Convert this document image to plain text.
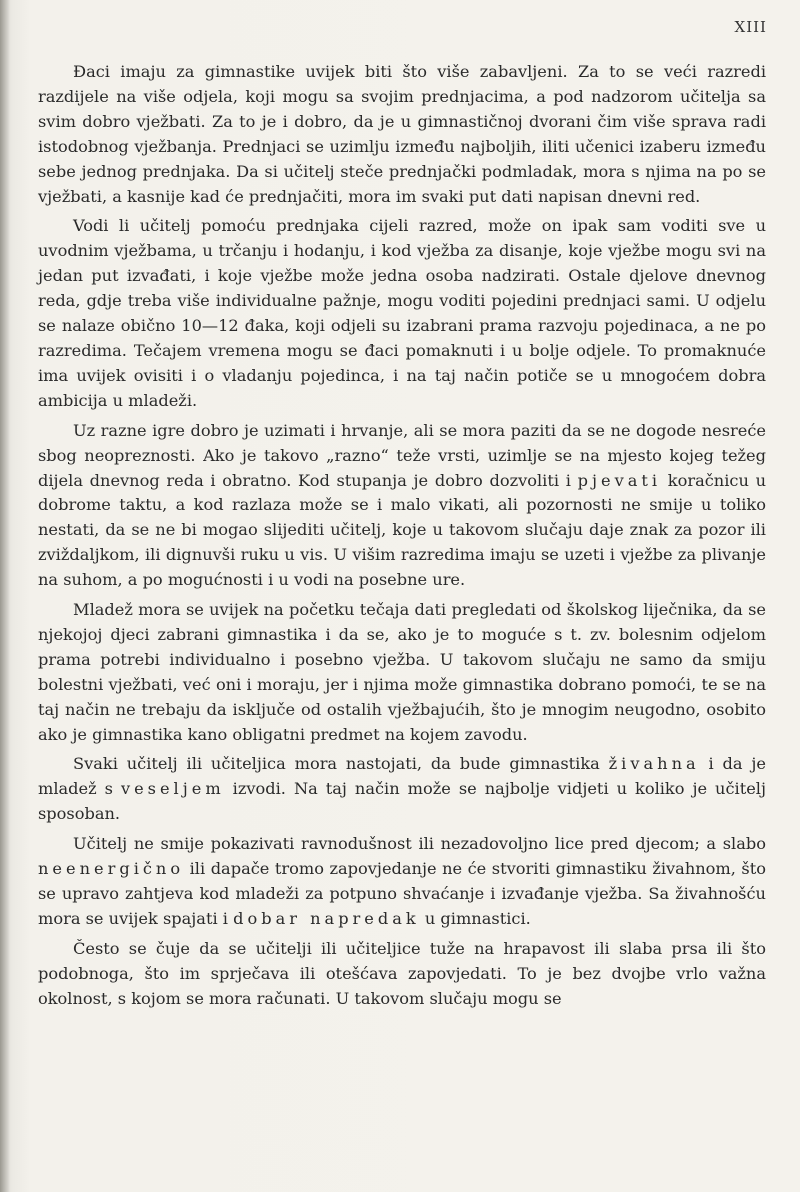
XIII

Đaci imaju za gimnastike uvijek biti što više zabavljeni. Za to se veći razredi razdijele na više odjela, koji mogu sa svojim prednjacima, a pod nadzorom učitelja sa svim dobro vježbati. Za to je i dobro, da je u gimnastičnoj dvorani čim više sprava radi istodobnog vježbanja. Prednjaci se uzimlju između najboljih, iliti učenici izaberu između sebe jednog prednjaka. Da si učitelj steče prednjački podmladak, mora s njima na po se vježbati, a kasnije kad će prednjačiti, mora im svaki put dati napisan dnevni red.

Vodi li učitelj pomoću prednjaka cijeli razred, može on ipak sam voditi sve u uvodnim vježbama, u trčanju i hodanju, i kod vježba za disanje, koje vježbe mogu svi na jedan put izvađati, i koje vježbe može jedna osoba nadzirati. Ostale djelove dnevnog reda, gdje treba više individualne pažnje, mogu voditi pojedini prednjaci sami. U odjelu se nalaze obično 10—12 đaka, koji odjeli su izabrani prama razvoju pojedinaca, a ne po razredima. Tečajem vremena mogu se đaci pomaknuti i u bolje odjele. To promaknuće ima uvijek ovisiti i o vladanju pojedinca, i na taj način potiče se u mnogoćem dobra ambicija u mladeži.

Uz razne igre dobro je uzimati i hrvanje, ali se mora paziti da se ne dogode nesreće sbog neopreznosti. Ako je takovo „razno“ teže vrsti, uzimlje se na mjesto kojeg težeg dijela dnevnog reda i obratno. Kod stupanja je dobro dozvoliti i pjevati koračnicu u dobrome taktu, a kod razlaza može se i malo vikati, ali pozornosti ne smije u toliko nestati, da se ne bi mogao slijediti učitelj, koje u takovom slučaju daje znak za pozor ili zviždaljkom, ili dignuvši ruku u vis. U višim razredima imaju se uzeti i vježbe za plivanje na suhom, a po mogućnosti i u vodi na posebne ure.

Mladež mora se uvijek na početku tečaja dati pregledati od školskog liječnika, da se njekojoj djeci zabrani gimnastika i da se, ako je to moguće s t. zv. bolesnim odjelom prama potrebi individualno i posebno vježba. U takovom slučaju ne samo da smiju bolestni vježbati, već oni i moraju, jer i njima može gimnastika dobrano pomoći, te se na taj način ne trebaju da isključe od ostalih vježbajućih, što je mnogim neugodno, osobito ako je gimnastika kano obligatni predmet na kojem zavodu.

Svaki učitelj ili učiteljica mora nastojati, da bude gimnastika živahna i da je mladež s veseljem izvodi. Na taj način može se najbolje vidjeti u koliko je učitelj sposoban.

Učitelj ne smije pokazivati ravnodušnost ili nezadovoljno lice pred djecom; a slabo neenergično ili dapače tromo zapovjedanje ne će stvoriti gimnastiku živahnom, što se upravo zahtjeva kod mladeži za potpuno shvaćanje i izvađanje vježba. Sa živahnošću mora se uvijek spajati i dobar napredak u gimnastici.

Često se čuje da se učitelji ili učiteljice tuže na hrapavost ili slaba prsa ili što podobnoga, što im sprječava ili otešćava zapovjedati. To je bez dvojbe vrlo važna okolnost, s kojom se mora računati. U takovom slučaju mogu se
